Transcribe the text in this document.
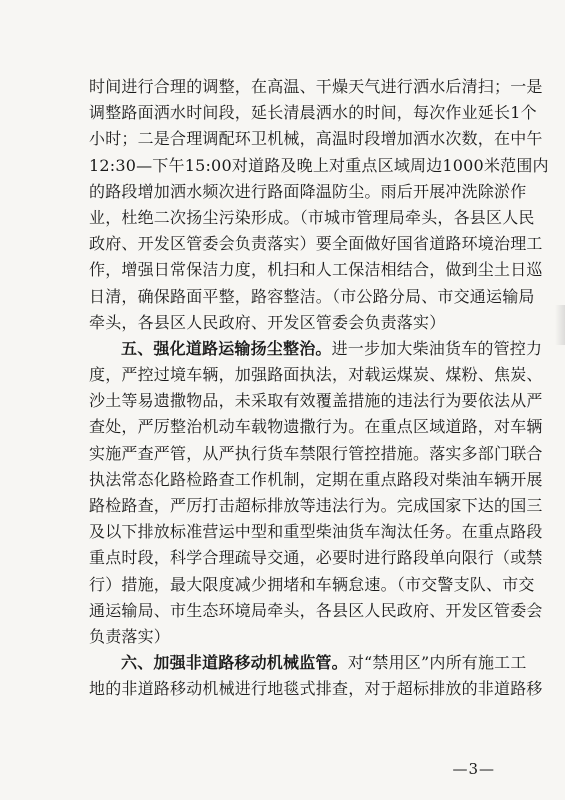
时间进行合理的调整，在高温、干燥天气进行洒水后清扫；一是
调整路面洒水时间段，延长清晨洒水的时间，每次作业延长1个
小时；二是合理调配环卫机械，高温时段增加洒水次数，在中午
12:30—下午15:00对道路及晚上对重点区域周边1000米范围内
的路段增加洒水频次进行路面降温防尘。雨后开展冲洗除淤作
业，杜绝二次扬尘污染形成。（市城市管理局牵头，各县区人民
政府、开发区管委会负责落实）要全面做好国省道路环境治理工
作，增强日常保洁力度，机扫和人工保洁相结合，做到尘土日巡
日清，确保路面平整，路容整洁。（市公路分局、市交通运输局
牵头，各县区人民政府、开发区管委会负责落实）
五、强化道路运输扬尘整治。进一步加大柴油货车的管控力
度，严控过境车辆，加强路面执法，对载运煤炭、煤粉、焦炭、
沙土等易遗撒物品，未采取有效覆盖措施的违法行为要依法从严
查处，严厉整治机动车载物遗撒行为。在重点区域道路，对车辆
实施严查严管，从严执行货车禁限行管控措施。落实多部门联合
执法常态化路检路查工作机制，定期在重点路段对柴油车辆开展
路检路查，严厉打击超标排放等违法行为。完成国家下达的国三
及以下排放标准营运中型和重型柴油货车淘汰任务。在重点路段
重点时段，科学合理疏导交通，必要时进行路段单向限行（或禁
行）措施，最大限度减少拥堵和车辆怠速。（市交警支队、市交
通运输局、市生态环境局牵头，各县区人民政府、开发区管委会
负责落实）
六、加强非道路移动机械监管。对“禁用区”内所有施工工
地的非道路移动机械进行地毯式排查，对于超标排放的非道路移
—3—
